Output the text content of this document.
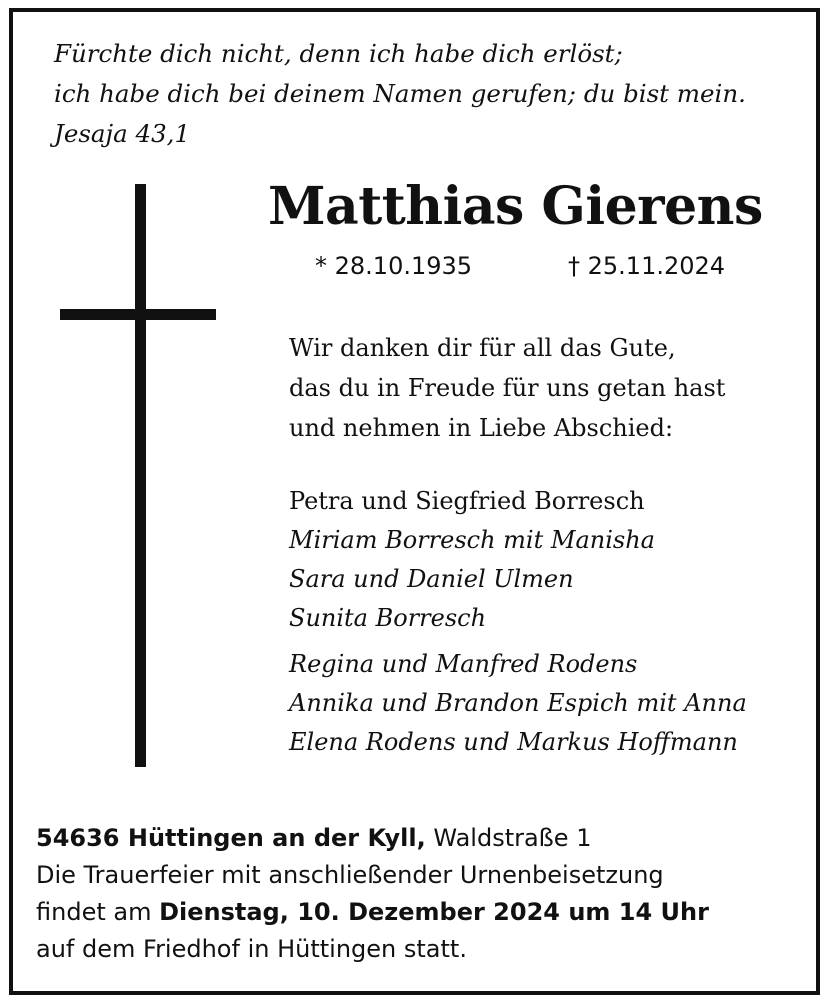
Fürchte dich nicht, denn ich habe dich erlöst;
ich habe dich bei deinem Namen gerufen; du bist mein.
Jesaja 43,1
Matthias Gierens
* 28.10.1935	† 25.11.2024
Wir danken dir für all das Gute,
das du in Freude für uns getan hast
und nehmen in Liebe Abschied:
Petra und Siegfried Borresch
Miriam Borresch mit Manisha
Sara und Daniel Ulmen
Sunita Borresch
Regina und Manfred Rodens
Annika und Brandon Espich mit Anna
Elena Rodens und Markus Hoffmann
54636 Hüttingen an der Kyll, Waldstraße 1
Die Trauerfeier mit anschließender Urnenbeisetzung
findet am Dienstag, 10. Dezember 2024 um 14 Uhr
auf dem Friedhof in Hüttingen statt.
